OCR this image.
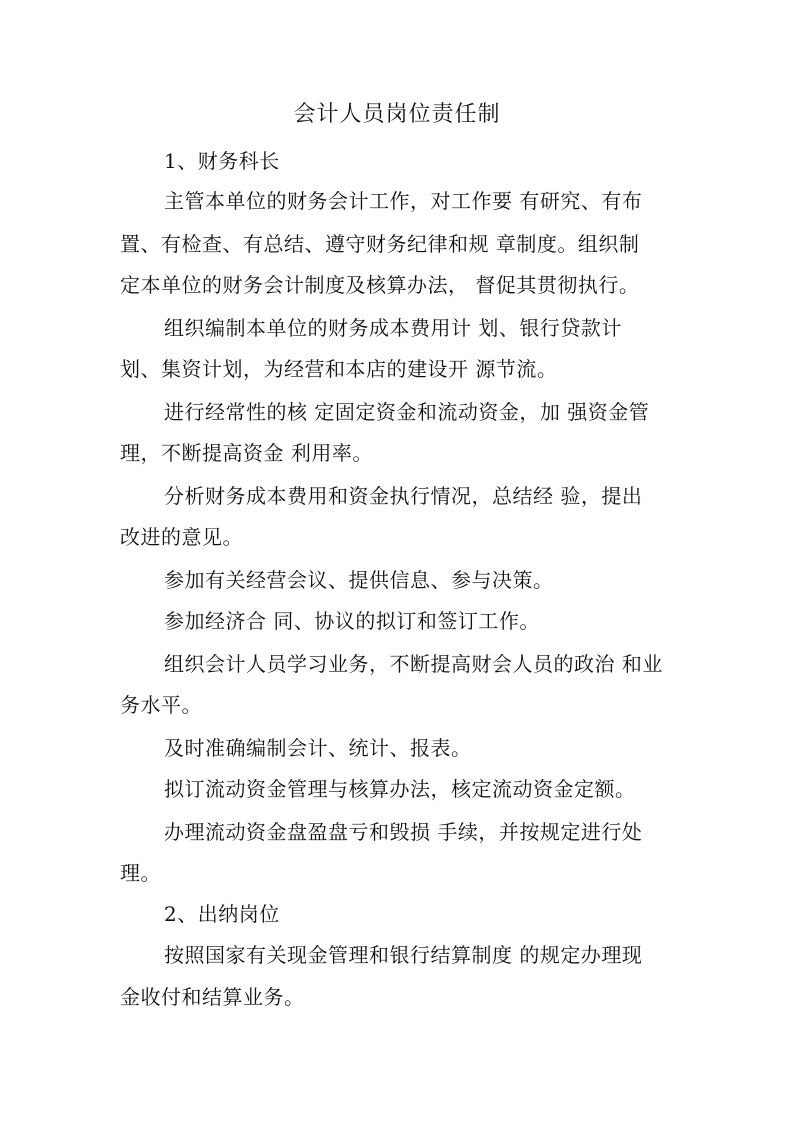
会计人员岗位责任制
1、财务科长
主管本单位的财务会计工作，对工作要 有研究、有布
置、有检查、有总结、遵守财务纪律和规 章制度。组织制
定本单位的财务会计制度及核算办法， 督促其贯彻执行。
组织编制本单位的财务成本费用计 划、银行贷款计
划、集资计划，为经营和本店的建设开 源节流。
进行经常性的核 定固定资金和流动资金，加 强资金管
理，不断提高资金 利用率。
分析财务成本费用和资金执行情况，总结经 验，提出
改进的意见。
参加有关经营会议、提供信息、参与决策。
参加经济合 同、协议的拟订和签订工作。
组织会计人员学习业务，不断提高财会人员的政治 和业
务水平。
及时准确编制会计、统计、报表。
拟订流动资金管理与核算办法，核定流动资金定额。
办理流动资金盘盈盘亏和毁损 手续，并按规定进行处
理。
2、出纳岗位
按照国家有关现金管理和银行结算制度 的规定办理现
金收付和结算业务。
